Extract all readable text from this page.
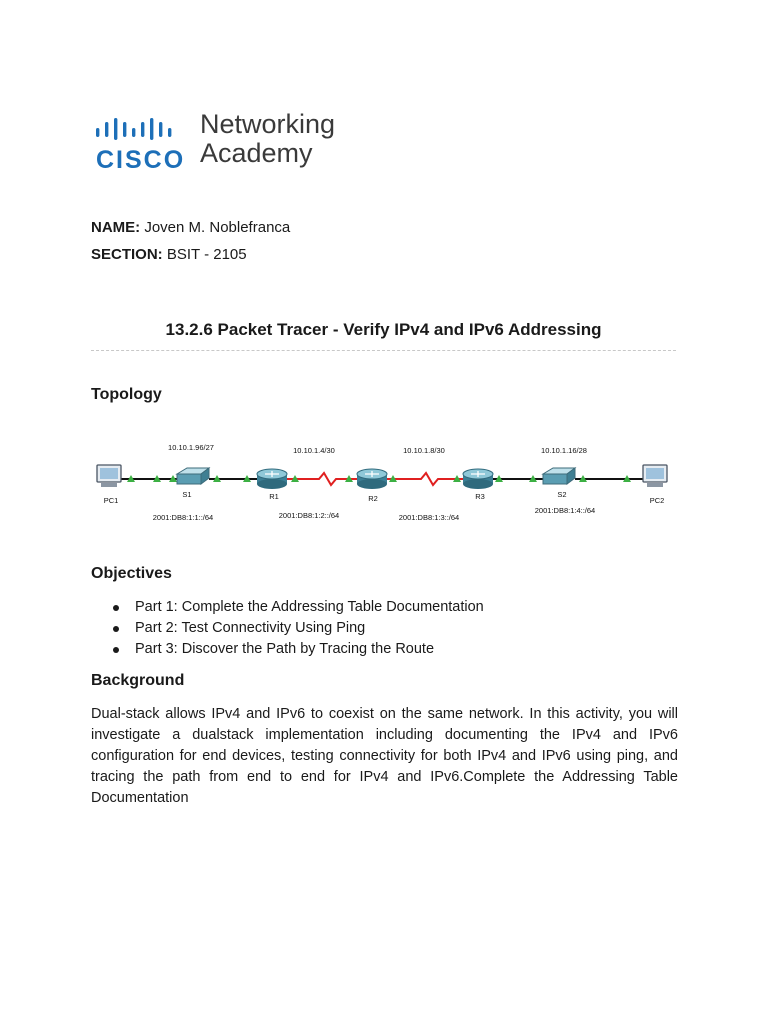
CISCO
Networking
Academy
NAME: Joven M. Noblefranca
SECTION: BSIT - 2105
13.2.6 Packet Tracer - Verify IPv4 and IPv6 Addressing
Topology
PC1
S1	R1	R2	R3	S2
PC2
10.10.1.96/27	10.10.1.4/30	10.10.1.8/30	10.10.1.16/28
2001:DB8:1:1::/64	2001:DB8:1:2::/64	2001:DB8:1:3::/64
2001:DB8:1:4::/64
Objectives
Part 1: Complete the Addressing Table Documentation
Part 2: Test Connectivity Using Ping
Part 3: Discover the Path by Tracing the Route
Background
Dual-stack allows IPv4 and IPv6 to coexist on the same network. In this activity, you will investigate a dualstack implementation including documenting the IPv4 and IPv6 configuration for end devices, testing connectivity for both IPv4 and IPv6 using ping, and tracing the path from end to end for IPv4 and IPv6.Complete the Addressing Table Documentation
